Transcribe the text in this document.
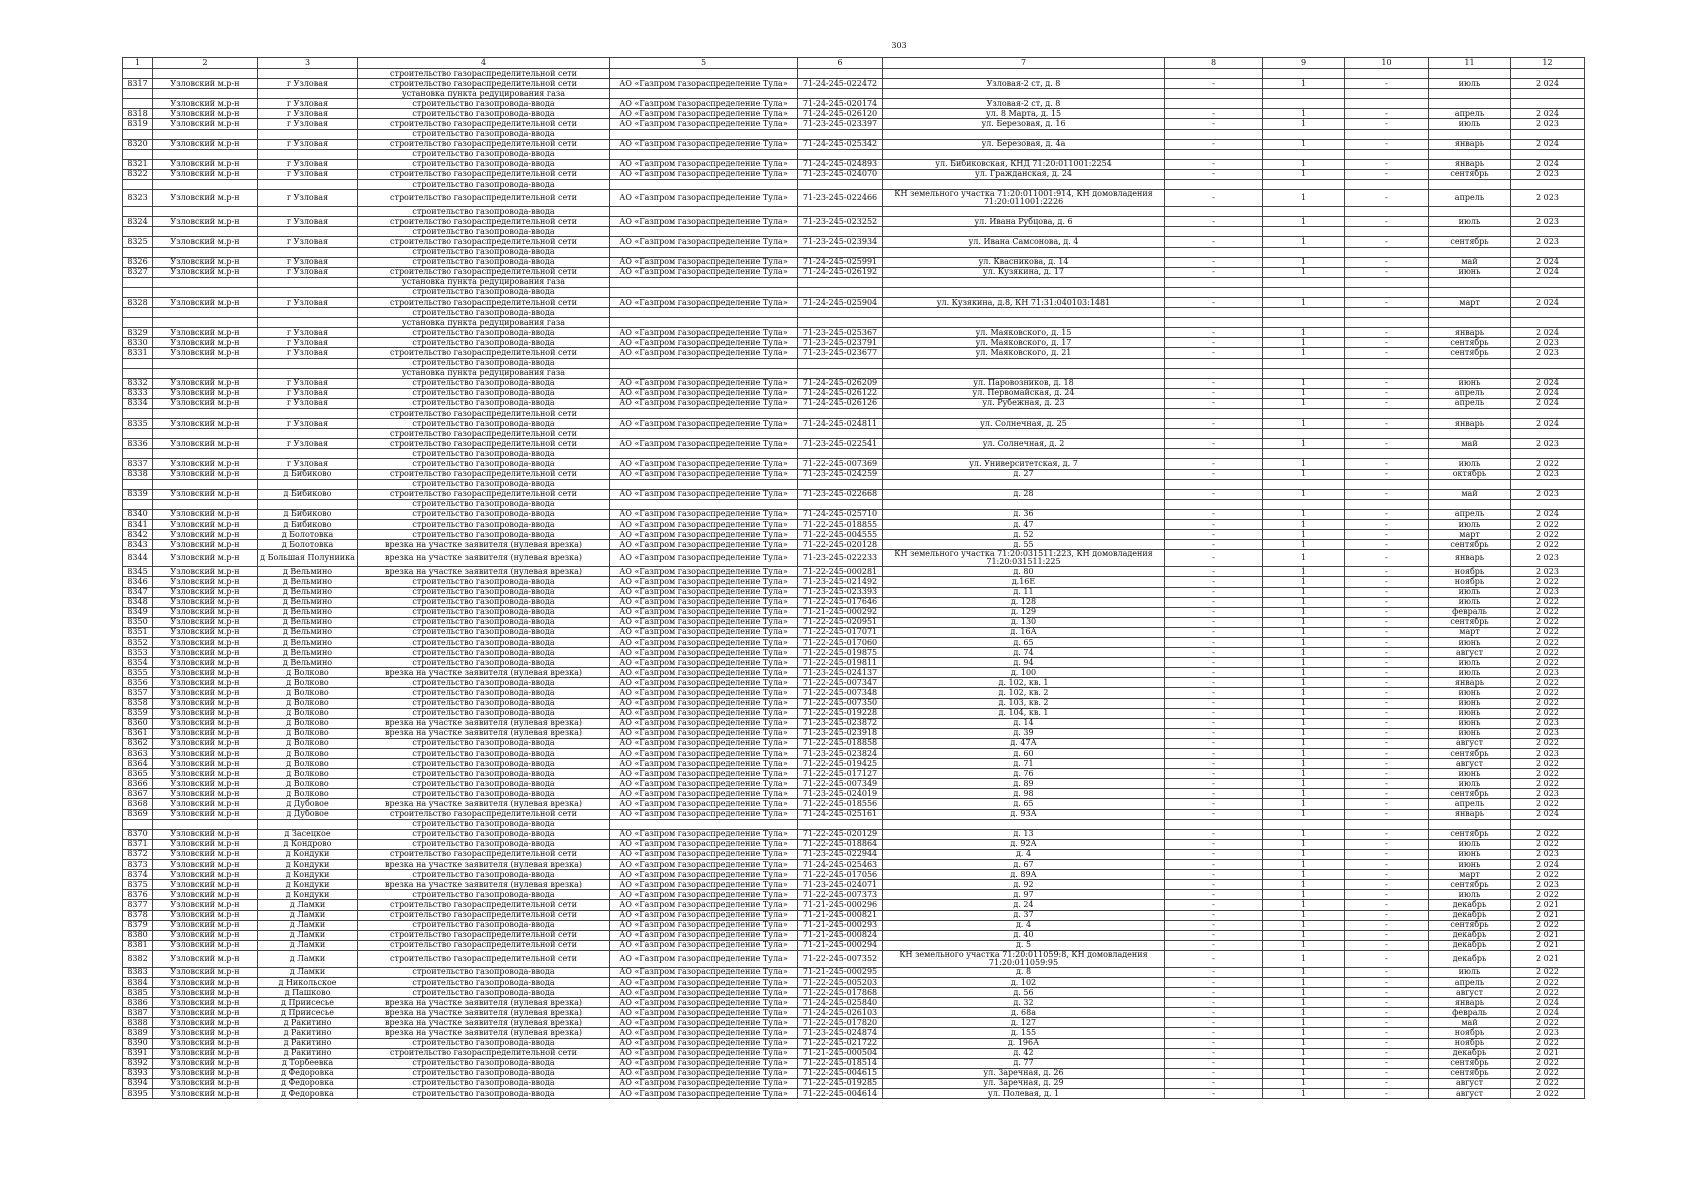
303
1	2	3	4	5	6	7	8	9	10	11	12
			строительство газораспределительной сети								
8317	Узловский м.р-н	г Узловая	строительство газораспределительной сети	АО «Газпром газораспределение Тула»	71-24-245-022472	Узловая-2 ст, д. 8	-	1	-	июль	2 024
			установка пункта редуцирования газа								
	Узловский м.р-н	г Узловая	строительство газопровода-ввода	АО «Газпром газораспределение Тула»	71-24-245-020174	Узловая-2 ст, д. 8					
8318	Узловский м.р-н	г Узловая	строительство газопровода-ввода	АО «Газпром газораспределение Тула»	71-24-245-026120	ул. 8 Марта, д. 15	-	1	-	апрель	2 024
8319	Узловский м.р-н	г Узловая	строительство газораспределительной сети	АО «Газпром газораспределение Тула»	71-23-245-023397	ул. Березовая, д. 16	-	1	-	июль	2 023
			строительство газопровода-ввода								
8320	Узловский м.р-н	г Узловая	строительство газораспределительной сети	АО «Газпром газораспределение Тула»	71-24-245-025342	ул. Березовая, д. 4а	-	1	-	январь	2 024
			строительство газопровода-ввода								
8321	Узловский м.р-н	г Узловая	строительство газопровода-ввода	АО «Газпром газораспределение Тула»	71-24-245-024893	ул. Бибиковская, КНД 71:20:011001:2254	-	1	-	январь	2 024
8322	Узловский м.р-н	г Узловая	строительство газораспределительной сети	АО «Газпром газораспределение Тула»	71-23-245-024070	ул. Гражданская, д. 24	-	1	-	сентябрь	2 023
			строительство газопровода-ввода								
8323	Узловский м.р-н	г Узловая	строительство газораспределительной сети	АО «Газпром газораспределение Тула»	71-23-245-022466	КН земельного участка 71:20:011001:914, КН домовладения 71:20:011001:2226	-	1	-	апрель	2 023
			строительство газопровода-ввода								
8324	Узловский м.р-н	г Узловая	строительство газораспределительной сети	АО «Газпром газораспределение Тула»	71-23-245-023252	ул. Ивана Рубцова, д. 6	-	1	-	июль	2 023
			строительство газопровода-ввода								
8325	Узловский м.р-н	г Узловая	строительство газораспределительной сети	АО «Газпром газораспределение Тула»	71-23-245-023934	ул. Ивана Самсонова, д. 4	-	1	-	сентябрь	2 023
			строительство газопровода-ввода								
8326	Узловский м.р-н	г Узловая	строительство газопровода-ввода	АО «Газпром газораспределение Тула»	71-24-245-025991	ул. Квасникова, д. 14	-	1	-	май	2 024
8327	Узловский м.р-н	г Узловая	строительство газораспределительной сети	АО «Газпром газораспределение Тула»	71-24-245-026192	ул. Кузякина, д. 17	-	1	-	июнь	2 024
			установка пункта редуцирования газа								
			строительство газопровода-ввода								
8328	Узловский м.р-н	г Узловая	строительство газораспределительной сети	АО «Газпром газораспределение Тула»	71-24-245-025904	ул. Кузякина, д.8, КН 71:31:040103:1481	-	1	-	март	2 024
			строительство газопровода-ввода								
			установка пункта редуцирования газа								
8329	Узловский м.р-н	г Узловая	строительство газопровода-ввода	АО «Газпром газораспределение Тула»	71-23-245-025367	ул. Маяковского, д. 15	-	1	-	январь	2 024
8330	Узловский м.р-н	г Узловая	строительство газопровода-ввода	АО «Газпром газораспределение Тула»	71-23-245-023791	ул. Маяковского, д. 17	-	1	-	сентябрь	2 023
8331	Узловский м.р-н	г Узловая	строительство газораспределительной сети	АО «Газпром газораспределение Тула»	71-23-245-023677	ул. Маяковского, д. 21	-	1	-	сентябрь	2 023
			строительство газопровода-ввода								
			установка пункта редуцирования газа								
8332	Узловский м.р-н	г Узловая	строительство газопровода-ввода	АО «Газпром газораспределение Тула»	71-24-245-026209	ул. Паровозников, д. 18	-	1	-	июнь	2 024
8333	Узловский м.р-н	г Узловая	строительство газопровода-ввода	АО «Газпром газораспределение Тула»	71-24-245-026122	ул. Первомайская, д. 24	-	1	-	апрель	2 024
8334	Узловский м.р-н	г Узловая	строительство газопровода-ввода	АО «Газпром газораспределение Тула»	71-24-245-026126	ул. Рубежная, д. 23	-	1	-	апрель	2 024
			строительство газораспределительной сети								
8335	Узловский м.р-н	г Узловая	строительство газопровода-ввода	АО «Газпром газораспределение Тула»	71-24-245-024811	ул. Солнечная, д. 25	-	1	-	январь	2 024
			строительство газораспределительной сети								
8336	Узловский м.р-н	г Узловая	строительство газораспределительной сети	АО «Газпром газораспределение Тула»	71-23-245-022541	ул. Солнечная, д. 2	-	1	-	май	2 023
			строительство газопровода-ввода								
8337	Узловский м.р-н	г Узловая	строительство газопровода-ввода	АО «Газпром газораспределение Тула»	71-22-245-007369	ул. Университетская, д. 7	-	1	-	июль	2 022
8338	Узловский м.р-н	д Бибиково	строительство газораспределительной сети	АО «Газпром газораспределение Тула»	71-23-245-024259	д. 27	-	1	-	октябрь	2 023
			строительство газопровода-ввода								
8339	Узловский м.р-н	д Бибиково	строительство газораспределительной сети	АО «Газпром газораспределение Тула»	71-23-245-022668	д. 28	-	1	-	май	2 023
			строительство газопровода-ввода								
8340	Узловский м.р-н	д Бибиково	строительство газопровода-ввода	АО «Газпром газораспределение Тула»	71-24-245-025710	д. 36	-	1	-	апрель	2 024
8341	Узловский м.р-н	д Бибиково	строительство газопровода-ввода	АО «Газпром газораспределение Тула»	71-22-245-018855	д. 47	-	1	-	июль	2 022
8342	Узловский м.р-н	д Болотовка	строительство газопровода-ввода	АО «Газпром газораспределение Тула»	71-22-245-004555	д. 52	-	1	-	март	2 022
8343	Узловский м.р-н	д Болотовка	врезка на участке заявителя (нулевая врезка)	АО «Газпром газораспределение Тула»	71-22-245-020128	д. 55	-	1	-	сентябрь	2 022
8344	Узловский м.р-н	д Большая Полуниика	врезка на участке заявителя (нулевая врезка)	АО «Газпром газораспределение Тула»	71-23-245-022233	КН земельного участка 71:20:031511:223, КН домовладения 71:20:031511:225	-	1	-	январь	2 023
8345	Узловский м.р-н	д Вельмино	врезка на участке заявителя (нулевая врезка)	АО «Газпром газораспределение Тула»	71-22-245-000281	д. 80	-	1	-	ноябрь	2 023
8346	Узловский м.р-н	д Вельмино	строительство газопровода-ввода	АО «Газпром газораспределение Тула»	71-23-245-021492	д.16Е	-	1	-	ноябрь	2 022
8347	Узловский м.р-н	д Вельмино	строительство газопровода-ввода	АО «Газпром газораспределение Тула»	71-23-245-023393	д. 11	-	1	-	июль	2 023
8348	Узловский м.р-н	д Вельмино	строительство газопровода-ввода	АО «Газпром газораспределение Тула»	71-22-245-017646	д. 128	-	1	-	июль	2 022
8349	Узловский м.р-н	д Вельмино	строительство газопровода-ввода	АО «Газпром газораспределение Тула»	71-21-245-000292	д. 129	-	1	-	февраль	2 022
8350	Узловский м.р-н	д Вельмино	строительство газопровода-ввода	АО «Газпром газораспределение Тула»	71-22-245-020951	д. 130	-	1	-	сентябрь	2 022
8351	Узловский м.р-н	д Вельмино	строительство газопровода-ввода	АО «Газпром газораспределение Тула»	71-22-245-017071	д. 16А	-	1	-	март	2 022
8352	Узловский м.р-н	д Вельмино	строительство газопровода-ввода	АО «Газпром газораспределение Тула»	71-22-245-017060	д. 65	-	1	-	июнь	2 022
8353	Узловский м.р-н	д Вельмино	строительство газопровода-ввода	АО «Газпром газораспределение Тула»	71-22-245-019875	д. 74	-	1	-	август	2 022
8354	Узловский м.р-н	д Вельмино	строительство газопровода-ввода	АО «Газпром газораспределение Тула»	71-22-245-019811	д. 94	-	1	-	июль	2 022
8355	Узловский м.р-н	д Волково	врезка на участке заявителя (нулевая врезка)	АО «Газпром газораспределение Тула»	71-23-245-024137	д. 100	-	1	-	июль	2 023
8356	Узловский м.р-н	д Волково	строительство газопровода-ввода	АО «Газпром газораспределение Тула»	71-22-245-007347	д. 102, кв. 1	-	1	-	январь	2 022
8357	Узловский м.р-н	д Волково	строительство газопровода-ввода	АО «Газпром газораспределение Тула»	71-22-245-007348	д. 102, кв. 2	-	1	-	июнь	2 022
8358	Узловский м.р-н	д Волково	строительство газопровода-ввода	АО «Газпром газораспределение Тула»	71-22-245-007350	д. 103, кв. 2	-	1	-	июнь	2 022
8359	Узловский м.р-н	д Волково	строительство газопровода-ввода	АО «Газпром газораспределение Тула»	71-22-245-019228	д. 104, кв. 1	-	1	-	июнь	2 022
8360	Узловский м.р-н	д Волково	врезка на участке заявителя (нулевая врезка)	АО «Газпром газораспределение Тула»	71-23-245-023872	д. 14	-	1	-	июнь	2 023
8361	Узловский м.р-н	д Волково	врезка на участке заявителя (нулевая врезка)	АО «Газпром газораспределение Тула»	71-23-245-023918	д. 39	-	1	-	июнь	2 023
8362	Узловский м.р-н	д Волково	строительство газопровода-ввода	АО «Газпром газораспределение Тула»	71-22-245-018858	д. 47А	-	1	-	август	2 022
8363	Узловский м.р-н	д Волково	строительство газопровода-ввода	АО «Газпром газораспределение Тула»	71-23-245-023824	д. 60	-	1	-	сентябрь	2 023
8364	Узловский м.р-н	д Волково	строительство газопровода-ввода	АО «Газпром газораспределение Тула»	71-22-245-019425	д. 71	-	1	-	август	2 022
8365	Узловский м.р-н	д Волково	строительство газопровода-ввода	АО «Газпром газораспределение Тула»	71-22-245-017127	д. 76	-	1	-	июнь	2 022
8366	Узловский м.р-н	д Волково	строительство газопровода-ввода	АО «Газпром газораспределение Тула»	71-22-245-007349	д. 89	-	1	-	июль	2 022
8367	Узловский м.р-н	д Волково	строительство газопровода-ввода	АО «Газпром газораспределение Тула»	71-23-245-024019	д. 98	-	1	-	сентябрь	2 023
8368	Узловский м.р-н	д Дубовое	врезка на участке заявителя (нулевая врезка)	АО «Газпром газораспределение Тула»	71-22-245-018556	д. 65	-	1	-	апрель	2 022
8369	Узловский м.р-н	д Дубовое	строительство газораспределительной сети	АО «Газпром газораспределение Тула»	71-24-245-025161	д. 93А	-	1	-	январь	2 024
			строительство газопровода-ввода								
8370	Узловский м.р-н	д Засецкое	строительство газопровода-ввода	АО «Газпром газораспределение Тула»	71-22-245-020129	д. 13	-	1	-	сентябрь	2 022
8371	Узловский м.р-н	д Кондрово	строительство газопровода-ввода	АО «Газпром газораспределение Тула»	71-22-245-018864	д. 92А	-	1	-	июль	2 022
8372	Узловский м.р-н	д Кондуки	строительство газораспределительной сети	АО «Газпром газораспределение Тула»	71-23-245-022944	д. 4	-	1	-	июнь	2 023
8373	Узловский м.р-н	д Кондуки	врезка на участке заявителя (нулевая врезка)	АО «Газпром газораспределение Тула»	71-24-245-025463	д. 67	-	1	-	июнь	2 024
8374	Узловский м.р-н	д Кондуки	строительство газопровода-ввода	АО «Газпром газораспределение Тула»	71-22-245-017056	д. 89А	-	1	-	март	2 022
8375	Узловский м.р-н	д Кондуки	врезка на участке заявителя (нулевая врезка)	АО «Газпром газораспределение Тула»	71-23-245-024071	д. 92	-	1	-	сентябрь	2 023
8376	Узловский м.р-н	д Кондуки	строительство газопровода-ввода	АО «Газпром газораспределение Тула»	71-22-245-007373	д. 97	-	1	-	июль	2 022
8377	Узловский м.р-н	д Ламки	строительство газораспределительной сети	АО «Газпром газораспределение Тула»	71-21-245-000296	д. 24	-	1	-	декабрь	2 021
8378	Узловский м.р-н	д Ламки	строительство газораспределительной сети	АО «Газпром газораспределение Тула»	71-21-245-000821	д. 37	-	1	-	декабрь	2 021
8379	Узловский м.р-н	д Ламки	строительство газопровода-ввода	АО «Газпром газораспределение Тула»	71-21-245-000293	д. 4	-	1	-	сентябрь	2 022
8380	Узловский м.р-н	д Ламки	строительство газораспределительной сети	АО «Газпром газораспределение Тула»	71-21-245-000824	д. 40	-	1	-	декабрь	2 021
8381	Узловский м.р-н	д Ламки	строительство газораспределительной сети	АО «Газпром газораспределение Тула»	71-21-245-000294	д. 5	-	1	-	декабрь	2 021
8382	Узловский м.р-н	д Ламки	строительство газораспределительной сети	АО «Газпром газораспределение Тула»	71-22-245-007352	КН земельного участка 71:20:011059:8, КН домовладения 71:20:011059:95	-	1	-	декабрь	2 021
8383	Узловский м.р-н	д Ламки	строительство газопровода-ввода	АО «Газпром газораспределение Тула»	71-21-245-000295	д. 8	-	1	-	июль	2 022
8384	Узловский м.р-н	д Никольское	строительство газопровода-ввода	АО «Газпром газораспределение Тула»	71-22-245-005203	д. 102	-	1	-	апрель	2 022
8385	Узловский м.р-н	д Пашково	строительство газопровода-ввода	АО «Газпром газораспределение Тула»	71-22-245-017868	д. 56	-	1	-	август	2 022
8386	Узловский м.р-н	д Приисесье	врезка на участке заявителя (нулевая врезка)	АО «Газпром газораспределение Тула»	71-24-245-025840	д. 32	-	1	-	январь	2 024
8387	Узловский м.р-н	д Приисесье	врезка на участке заявителя (нулевая врезка)	АО «Газпром газораспределение Тула»	71-24-245-026103	д. 68а	-	1	-	февраль	2 024
8388	Узловский м.р-н	д Ракитино	врезка на участке заявителя (нулевая врезка)	АО «Газпром газораспределение Тула»	71-22-245-017820	д. 127	-	1	-	май	2 022
8389	Узловский м.р-н	д Ракитино	врезка на участке заявителя (нулевая врезка)	АО «Газпром газораспределение Тула»	71-23-245-024874	д. 155	-	1	-	ноябрь	2 023
8390	Узловский м.р-н	д Ракитино	строительство газопровода-ввода	АО «Газпром газораспределение Тула»	71-22-245-021722	д. 196А	-	1	-	ноябрь	2 022
8391	Узловский м.р-н	д Ракитино	строительство газораспределительной сети	АО «Газпром газораспределение Тула»	71-21-245-000504	д. 42	-	1	-	декабрь	2 021
8392	Узловский м.р-н	д Торбеевка	строительство газопровода-ввода	АО «Газпром газораспределение Тула»	71-22-245-018514	д. 77	-	1	-	сентябрь	2 022
8393	Узловский м.р-н	д Федоровка	строительство газопровода-ввода	АО «Газпром газораспределение Тула»	71-22-245-004615	ул. Заречная, д. 26	-	1	-	сентябрь	2 022
8394	Узловский м.р-н	д Федоровка	строительство газопровода-ввода	АО «Газпром газораспределение Тула»	71-22-245-019285	ул. Заречная, д. 29	-	1	-	август	2 022
8395	Узловский м.р-н	д Федоровка	строительство газопровода-ввода	АО «Газпром газораспределение Тула»	71-22-245-004614	ул. Полевая, д. 1	-	1	-	август	2 022
